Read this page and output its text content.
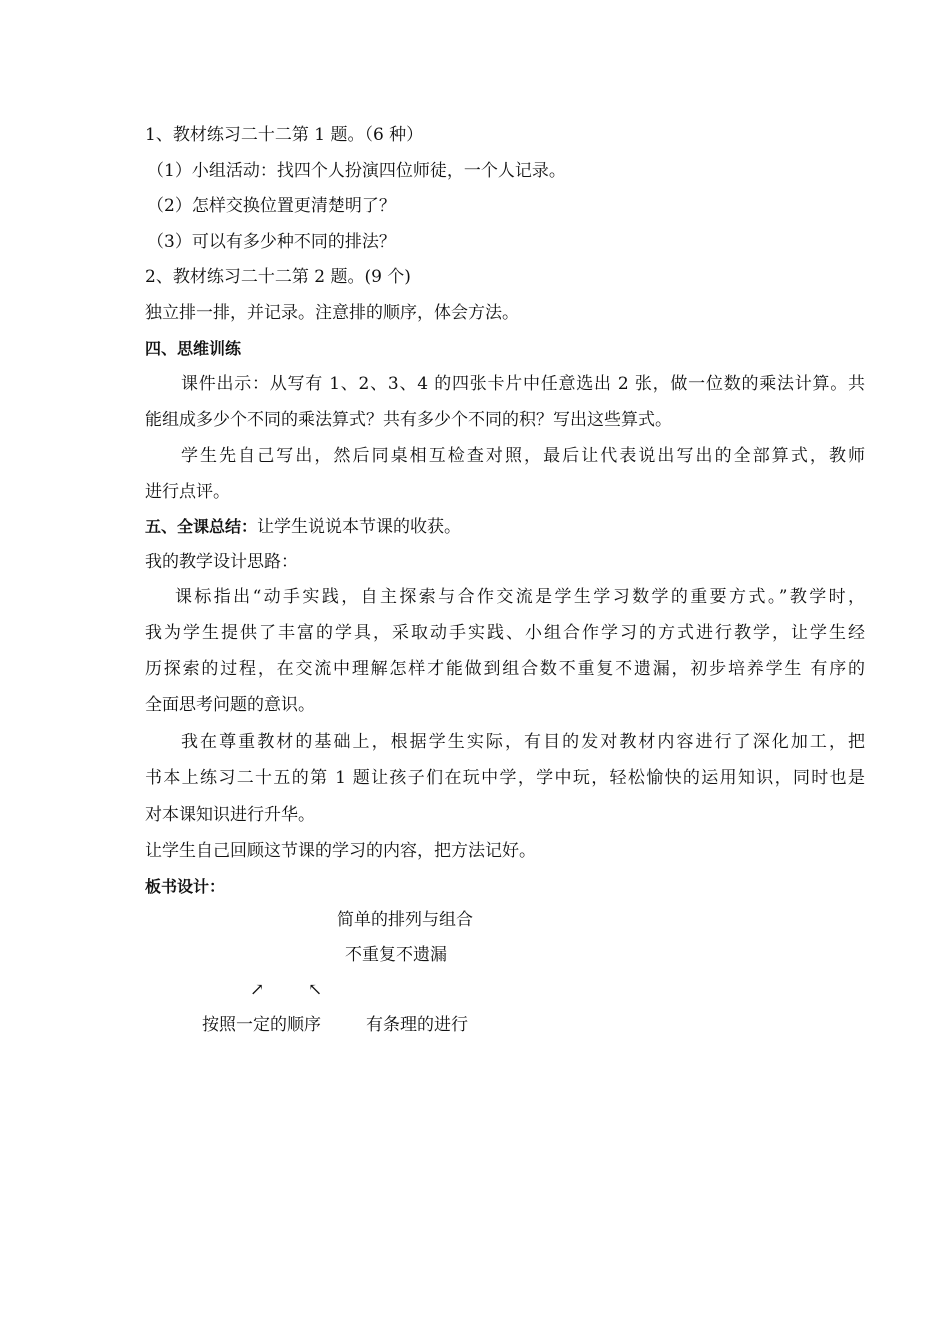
1、教材练习二十二第 1 题。（6 种）
（1）小组活动：找四个人扮演四位师徒，一个人记录。
（2）怎样交换位置更清楚明了？
（3）可以有多少种不同的排法？
2、教材练习二十二第 2 题。(9 个)
独立排一排，并记录。注意排的顺序，体会方法。
四、思维训练
课件出示：从写有 1、2、3、4 的四张卡片中任意选出 2 张，做一位数的乘法计算。共
能组成多少个不同的乘法算式？共有多少个不同的积？写出这些算式。
学生先自己写出，然后同桌相互检查对照，最后让代表说出写出的全部算式，教师
进行点评。
五、全课总结：让学生说说本节课的收获。
我的教学设计思路：
课标指出“动手实践，自主探索与合作交流是学生学习数学的重要方式。”教学时，
我为学生提供了丰富的学具，采取动手实践、小组合作学习的方式进行教学，让学生经
历探索的过程，在交流中理解怎样才能做到组合数不重复不遗漏，初步培养学生 有序的
全面思考问题的意识。
我在尊重教材的基础上，根据学生实际，有目的发对教材内容进行了深化加工，把
书本上练习二十五的第 1 题让孩子们在玩中学，学中玩，轻松愉快的运用知识，同时也是
对本课知识进行升华。
让学生自己回顾这节课的学习的内容，把方法记好。
板书设计：
简单的排列与组合
不重复不遗漏
↗	↖
按照一定的顺序	有条理的进行
